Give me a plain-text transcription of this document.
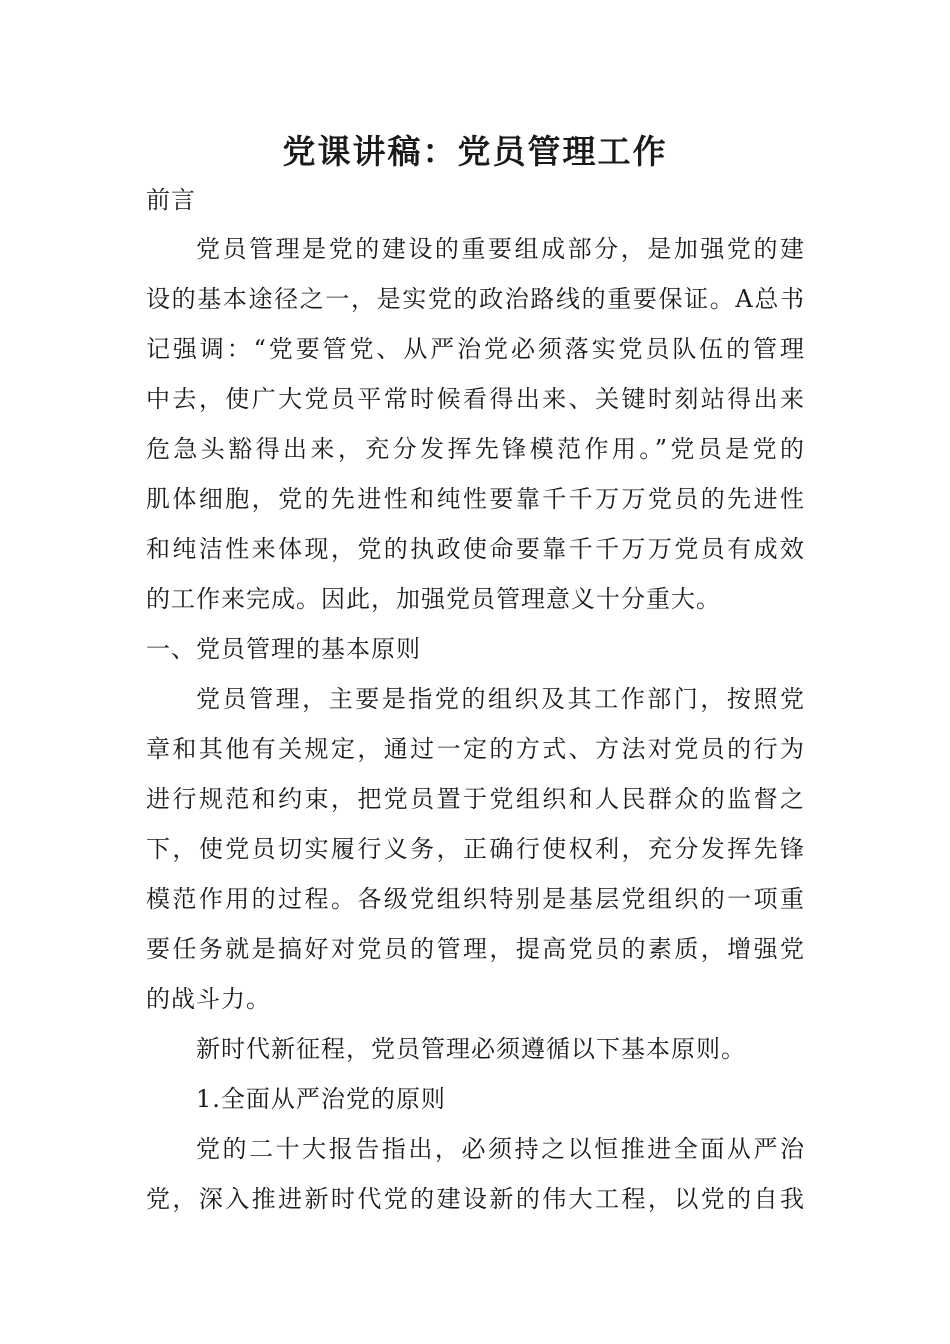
党课讲稿：党员管理工作
前言
党员管理是党的建设的重要组成部分，是加强党的建
设的基本途径之一，是实党的政治路线的重要保证。A总书
记强调：“党要管党、从严治党必须落实党员队伍的管理
中去，使广大党员平常时候看得出来、关键时刻站得出来
危急头豁得出来，充分发挥先锋模范作用。”党员是党的
肌体细胞，党的先进性和纯性要靠千千万万党员的先进性
和纯洁性来体现，党的执政使命要靠千千万万党员有成效
的工作来完成。因此，加强党员管理意义十分重大。
一、党员管理的基本原则
党员管理，主要是指党的组织及其工作部门，按照党
章和其他有关规定，通过一定的方式、方法对党员的行为
进行规范和约束，把党员置于党组织和人民群众的监督之
下，使党员切实履行义务，正确行使权利，充分发挥先锋
模范作用的过程。各级党组织特别是基层党组织的一项重
要任务就是搞好对党员的管理，提高党员的素质，增强党
的战斗力。
新时代新征程，党员管理必须遵循以下基本原则。
1.全面从严治党的原则
党的二十大报告指出，必须持之以恒推进全面从严治
党，深入推进新时代党的建设新的伟大工程，以党的自我
